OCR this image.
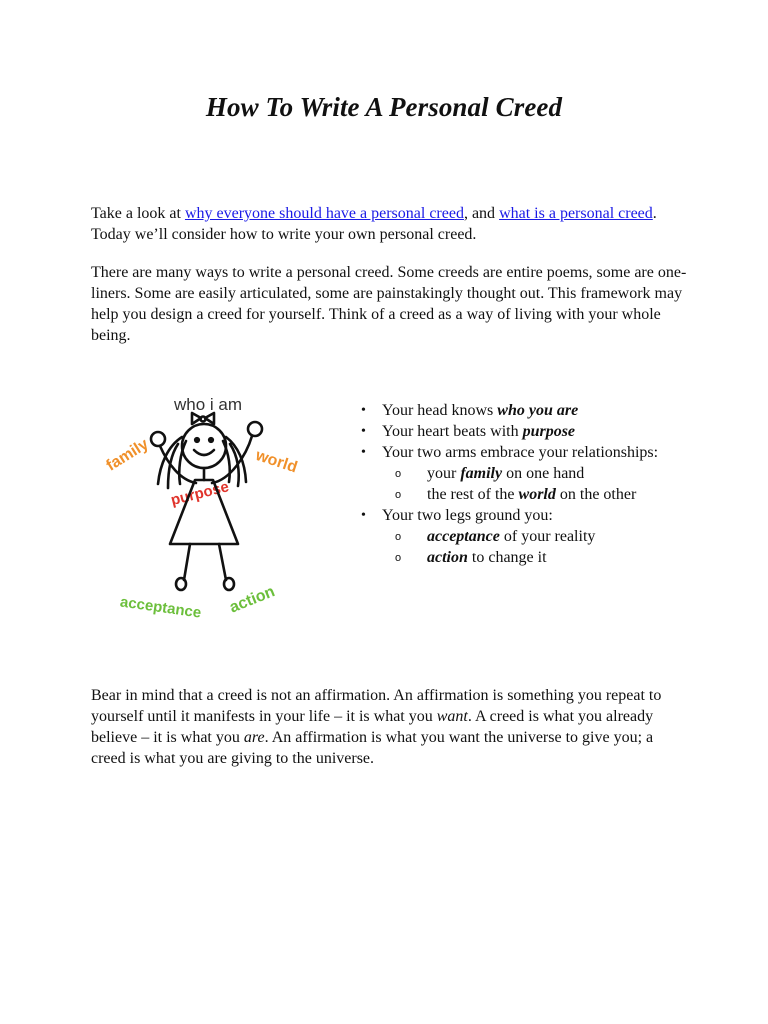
How To Write A Personal Creed

Take a look at why everyone should have a personal creed, and what is a personal creed. Today we’ll consider how to write your own personal creed.

There are many ways to write a personal creed. Some creeds are entire poems, some are one-liners. Some are easily articulated, some are painstakingly thought out. This framework may help you design a creed for yourself. Think of a creed as a way of living with your whole being.

who i am
family	world
purpose
acceptance action
• Your head knows who you are
• Your heart beats with purpose
• Your two arms embrace your relationships:
o your family on one hand
o the rest of the world on the other
• Your two legs ground you:
o acceptance of your reality
o action to change it

Bear in mind that a creed is not an affirmation. An affirmation is something you repeat to yourself until it manifests in your life – it is what you want. A creed is what you already believe – it is what you are. An affirmation is what you want the universe to give you; a creed is what you are giving to the universe.
